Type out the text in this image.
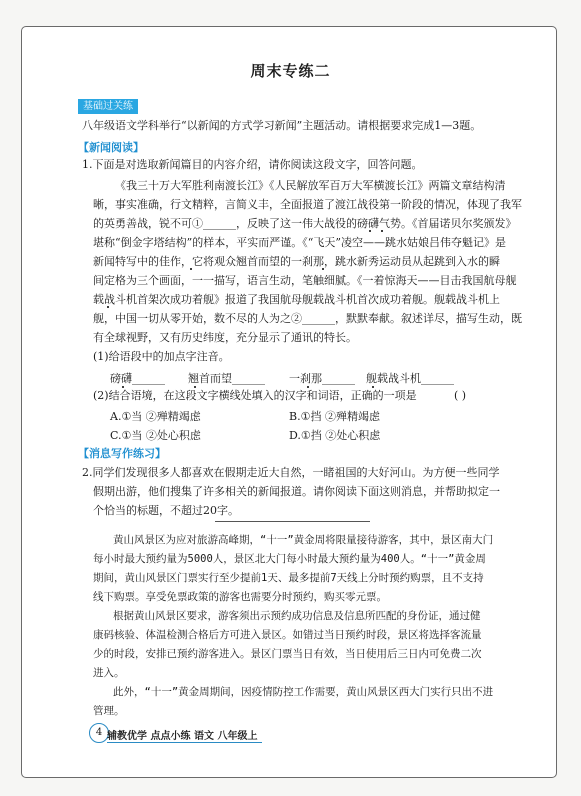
周末专练二
基础过关练
八年级语文学科举行“以新闻的方式学习新闻”主题活动。请根据要求完成1—3题。
【新闻阅读】
1.下面是对选取新闻篇目的内容介绍，请你阅读这段文字，回答问题。
《我三十万大军胜利南渡长江》《人民解放军百万大军横渡长江》两篇文章结构清
晰，事实准确，行文精粹，言简义丰，全面报道了渡江战役第一阶段的情况，体现了我军
的英勇善战，锐不可①______，反映了这一伟大战役的磅礴气势。《首届诺贝尔奖颁发》
堪称“倒金字塔结构”的样本，平实而严谨。《“飞天”凌空——跳水姑娘吕伟夺魁记》是
新闻特写中的佳作，它将观众翘首而望的一刹那，跳水新秀运动员从起跳到入水的瞬
间定格为三个画面，一一描写，语言生动，笔触细腻。《一着惊海天——目击我国航母舰
载战斗机首架次成功着舰》报道了我国航母舰载战斗机首次成功着舰。舰载战斗机上
舰，中国一切从零开始，数不尽的人为之②______，默默奉献。叙述详尽，描写生动，既
有全球视野，又有历史纬度，充分显示了通讯的特长。
(1)给语段中的加点字注音。
磅礴______ 翘首而望______ 一刹那______ 舰载战斗机______
(2)结合语境，在这段文字横线处填入的汉字和词语，正确的一项是	( )
A.①当 ②殚精竭虑	B.①挡 ②殚精竭虑
C.①当 ②处心积虑	D.①挡 ②处心积虑
【消息写作练习】
2.同学们发现很多人都喜欢在假期走近大自然，一睹祖国的大好河山。为方便一些同学
假期出游，他们搜集了许多相关的新闻报道。请你阅读下面这则消息，并帮助拟定一
个恰当的标题，不超过20字。
黄山风景区为应对旅游高峰期，“十一”黄金周将限量接待游客，其中，景区南大门
每小时最大预约量为5000人，景区北大门每小时最大预约量为400人。“十一”黄金周
期间，黄山风景区门票实行至少提前1天、最多提前7天线上分时预约购票，且不支持
线下购票。享受免票政策的游客也需要分时预约，购买零元票。
根据黄山风景区要求，游客须出示预约成功信息及信息所匹配的身份证，通过健
康码核验、体温检测合格后方可进入景区。如错过当日预约时段，景区将选择客流量
少的时段，安排已预约游客进入。景区门票当日有效，当日使用后三日内可免费二次
进入。
此外，“十一”黄金周期间，因疫情防控工作需要，黄山风景区西大门实行只出不进
管理。
4 辅教优学 点点小练 语文 八年级上
